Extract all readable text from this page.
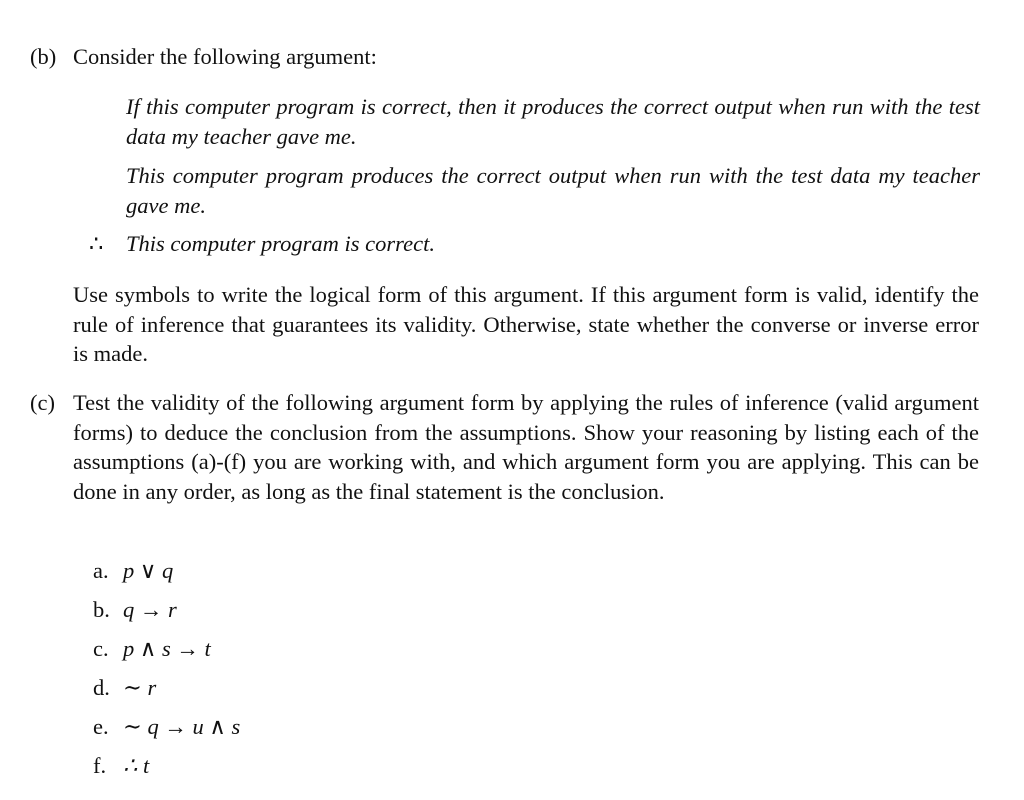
(b) Consider the following argument:
If this computer program is correct, then it produces the correct output when run with the test data my teacher gave me.
This computer program produces the correct output when run with the test data my teacher gave me.
∴ This computer program is correct.
Use symbols to write the logical form of this argument. If this argument form is valid, identify the rule of inference that guarantees its validity. Otherwise, state whether the converse or inverse error is made.
(c) Test the validity of the following argument form by applying the rules of inference (valid argument forms) to deduce the conclusion from the assumptions. Show your reasoning by listing each of the assumptions (a)-(f) you are working with, and which argument form you are applying. This can be done in any order, as long as the final statement is the conclusion.
a. p ∨ q
b. q → r
c. p ∧ s → t
d. ∼ r
e. ∼ q → u ∧ s
f. ∴ t
